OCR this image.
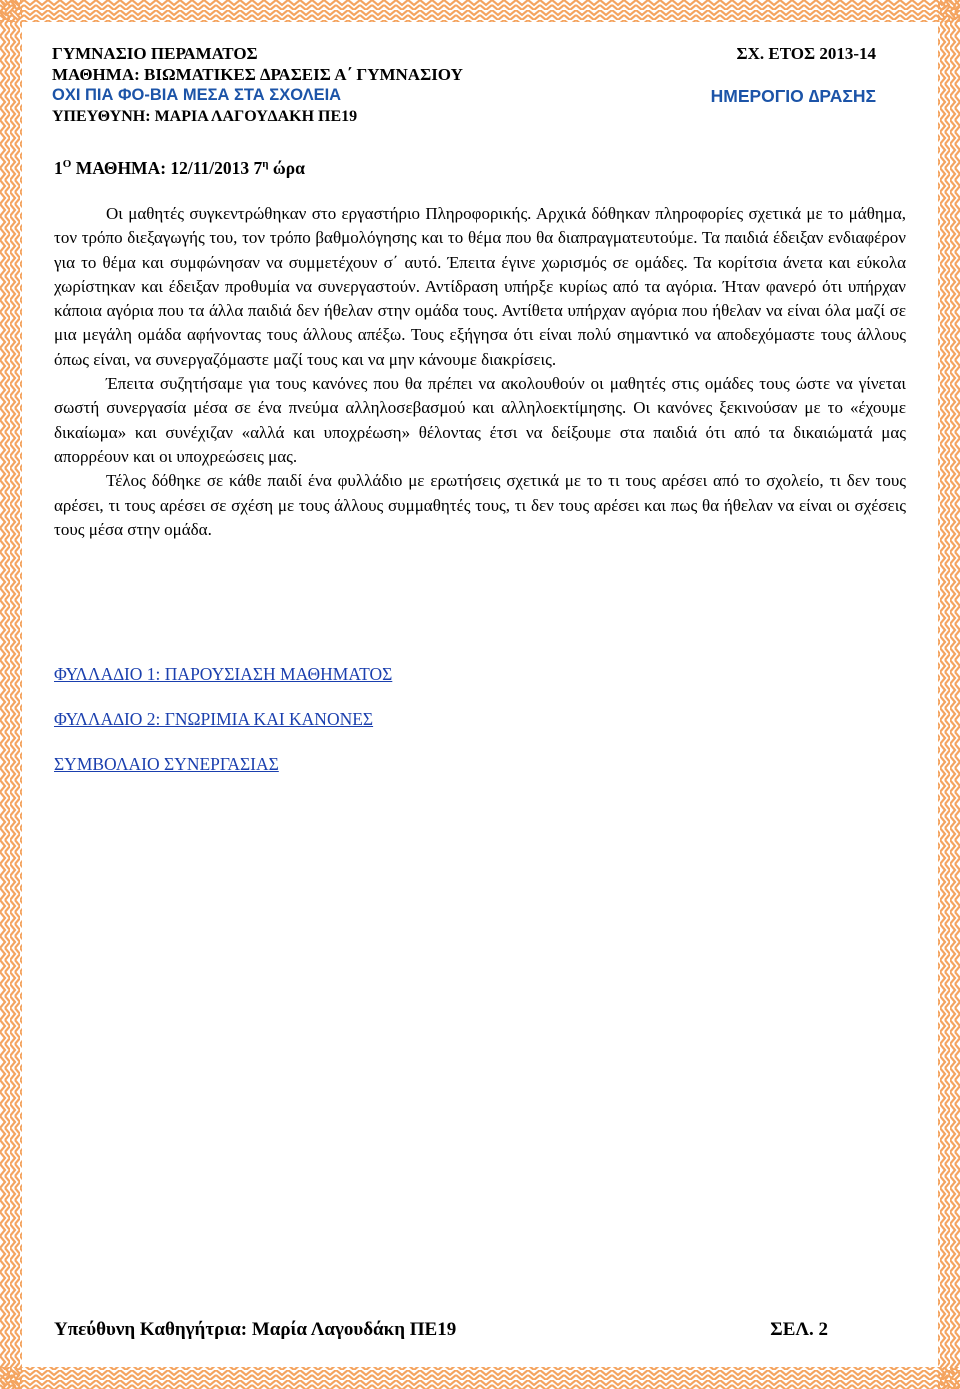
ΓΥΜΝΑΣΙΟ ΠΕΡΑΜΑΤΟΣ	ΣΧ. ΕΤΟΣ 2013-14
ΜΑΘΗΜΑ: ΒΙΩΜΑΤΙΚΕΣ ∆ΡΑΣΕΙΣ Α΄ ΓΥΜΝΑΣΙΟΥ
ΟΧΙ ΠΙΑ ΦΟ-ΒΙΑ ΜΕΣΑ ΣΤΑ ΣΧΟΛΕΙΑ	ΗΜΕΡΟΓΙΟ ∆ΡΑΣΗΣ
ΥΠΕΥΘΥΝΗ: ΜΑΡΙΑ ΛΑΓΟΥ∆ΑΚΗ ΠΕ19
$1^O$ ΜΑΘΗΜΑ: 12/11/2013 $7^\eta$ ώρα

Οι μαθητές συγκεντρώθηκαν στο εργαστήριο Πληροφορικής. Αρχικά δόθηκαν πληροφορίες σχετικά με το μάθημα, τον τρόπο διεξαγωγής του, τον τρόπο βαθμολόγησης και το θέμα που θα διαπραγματευτούμε. Τα παιδιά έδειξαν ενδιαφέρον για το θέμα και συμφώνησαν να συμμετέχουν σ΄ αυτό. Έπειτα έγινε χωρισμός σε ομάδες. Τα κορίτσια άνετα και εύκολα χωρίστηκαν και έδειξαν προθυμία να συνεργαστούν. Αντίδραση υπήρξε κυρίως από τα αγόρια. Ήταν φανερό ότι υπήρχαν κάποια αγόρια που τα άλλα παιδιά δεν ήθελαν στην ομάδα τους. Αντίθετα υπήρχαν αγόρια που ήθελαν να είναι όλα μαζί σε μια μεγάλη ομάδα αφήνοντας τους άλλους απέξω. Τους εξήγησα ότι είναι πολύ σημαντικό να αποδεχόμαστε τους άλλους όπως είναι, να συνεργαζόμαστε μαζί τους και να μην κάνουμε διακρίσεις.

Έπειτα συζητήσαμε για τους κανόνες που θα πρέπει να ακολουθούν οι μαθητές στις ομάδες τους ώστε να γίνεται σωστή συνεργασία μέσα σε ένα πνεύμα αλληλοσεβασμού και αλληλοεκτίμησης. Οι κανόνες ξεκινούσαν με το «έχουμε δικαίωμα» και συνέχιζαν «αλλά και υποχρέωση» θέλοντας έτσι να δείξουμε στα παιδιά ότι από τα δικαιώματά μας απορρέουν και οι υποχρεώσεις μας.

Τέλος δόθηκε σε κάθε παιδί ένα φυλλάδιο με ερωτήσεις σχετικά με το τι τους αρέσει από το σχολείο, τι δεν τους αρέσει, τι τους αρέσει σε σχέση με τους άλλους συμμαθητές τους, τι δεν τους αρέσει και πως θα ήθελαν να είναι οι σχέσεις τους μέσα στην ομάδα.

ΦΥΛΛΑ∆ΙΟ 1: ΠΑΡΟΥΣΙΑΣΗ ΜΑΘΗΜΑΤΟΣ
ΦΥΛΛΑ∆ΙΟ 2: ΓΝΩΡΙΜΙΑ ΚΑΙ ΚΑΝΟΝΕΣ
ΣΥΜΒΟΛΑΙΟ ΣΥΝΕΡΓΑΣΙΑΣ
Υπεύθυνη Καθηγήτρια: Μαρία Λαγουδάκη ΠΕ19	ΣΕΛ. 2
